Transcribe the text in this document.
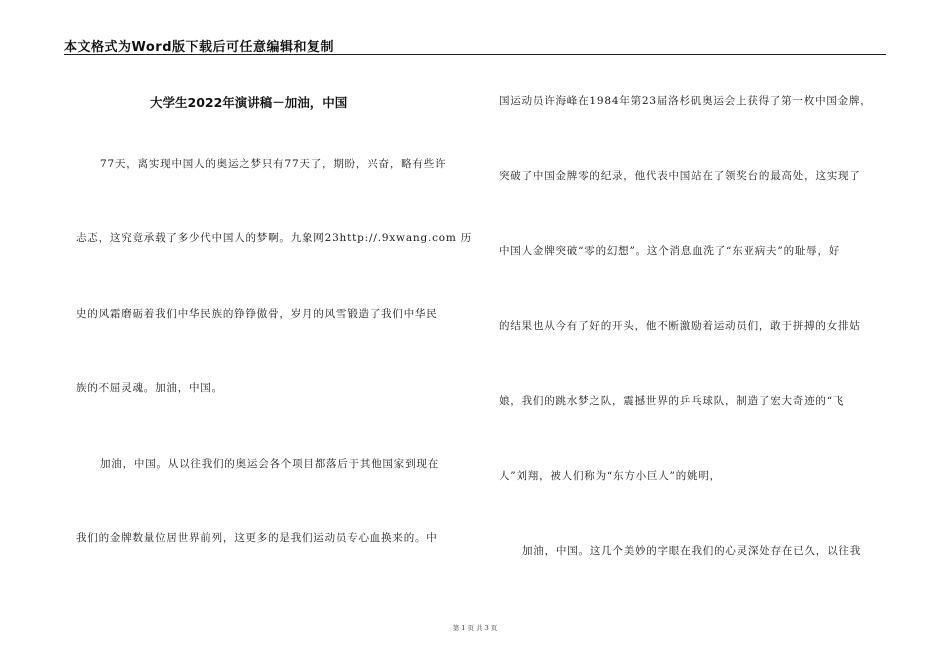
本文格式为Word版下载后可任意编辑和复制
大学生2022年演讲稿－加油，中国
77天，离实现中国人的奥运之梦只有77天了，期盼，兴奋，略有些许
忐忑，这究竟承载了多少代中国人的梦啊。九象网23http://.9xwang.com 历
史的风霜磨砺着我们中华民族的铮铮傲骨，岁月的风雪锻造了我们中华民
族的不屈灵魂。加油，中国。
加油，中国。从以往我们的奥运会各个项目都落后于其他国家到现在
我们的金牌数量位居世界前列，这更多的是我们运动员专心血换来的。中
国运动员许海峰在1984年第23届洛杉矶奥运会上获得了第一枚中国金牌，
突破了中国金牌零的纪录，他代表中国站在了领奖台的最高处，这实现了
中国人金牌突破“零的幻想”。这个消息血洗了“东亚病夫”的耻辱，好
的结果也从今有了好的开头，他不断激励着运动员们，敢于拼搏的女排姑
娘，我们的跳水梦之队，震撼世界的乒乓球队，制造了宏大奇迹的“飞
人”刘翔，被人们称为“东方小巨人”的姚明，
加油，中国。这几个美妙的字眼在我们的心灵深处存在已久，以往我
第 1 页 共 3 页
